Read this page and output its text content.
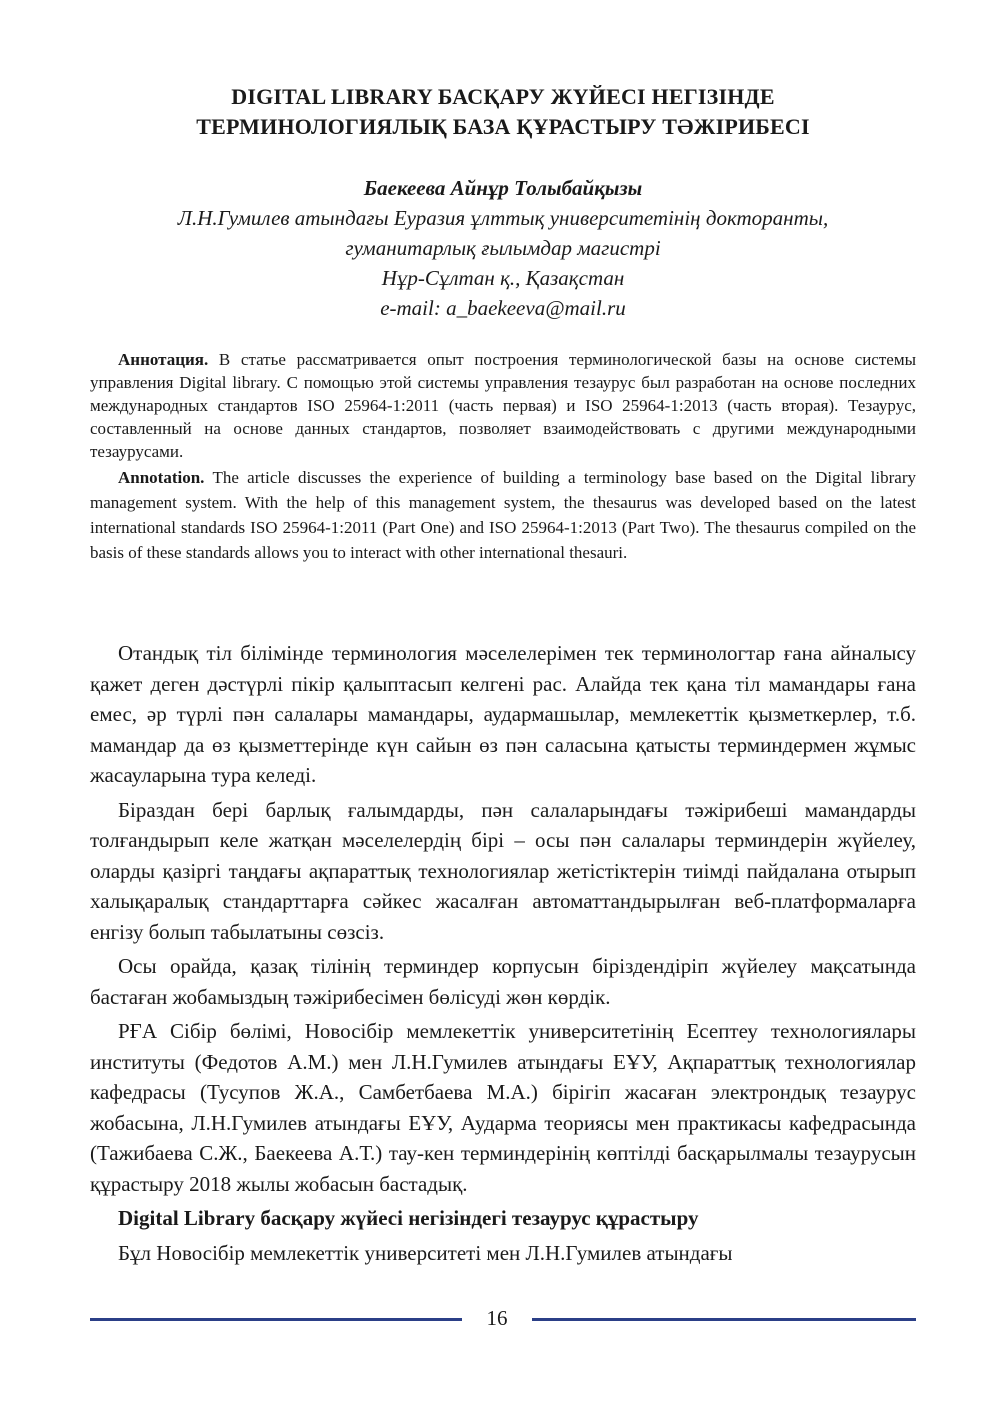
DIGITAL LIBRARY БАСҚАРУ ЖҮЙЕСІ НЕГІЗІНДЕ
ТЕРМИНОЛОГИЯЛЫҚ БАЗА ҚҰРАСТЫРУ ТӘЖІРИБЕСІ
Баекеева Айнұр Толыбайқызы
Л.Н.Гумилев атындағы Еуразия ұлттық университетінің докторанты,
гуманитарлық ғылымдар магистрі
Нұр-Сұлтан қ., Қазақстан
e-mail: a_baekeeva@mail.ru

Аннотация. В статье рассматривается опыт построения терминологической базы на основе системы управления Digital library. С помощью этой системы управления тезаурус был разработан на основе последних международных стандартов ISO 25964-1:2011 (часть первая) и ISO 25964-1:2013 (часть вторая). Тезаурус, составленный на основе данных стандартов, позволяет взаимодействовать с другими международными тезаурусами.

Annotation. The article discusses the experience of building a terminology base based on the Digital library management system. With the help of this management system, the thesaurus was developed based on the latest international standards ISO 25964-1:2011 (Part One) and ISO 25964-1:2013 (Part Two). The thesaurus compiled on the basis of these standards allows you to interact with other international thesauri.

Отандық тіл білімінде терминология мәселелерімен тек терминологтар ғана айналысу қажет деген дәстүрлі пікір қалыптасып келгені рас. Алайда тек қана тіл мамандары ғана емес, әр түрлі пән салалары мамандары, аудармашылар, мемлекеттік қызметкерлер, т.б. мамандар да өз қызметтерінде күн сайын өз пән саласына қатысты терминдермен жұмыс жасауларына тура келеді.

Біраздан бері барлық ғалымдарды, пән салаларындағы тәжірибеші мамандарды толғандырып келе жатқан мәселелердің бірі – осы пән салалары терминдерін жүйелеу, оларды қазіргі таңдағы ақпараттық технологиялар жетістіктерін тиімді пайдалана отырып халықаралық стандарттарға сәйкес жасалған автоматтандырылған веб-платформаларға енгізу болып табылатыны сөзсіз.

Осы орайда, қазақ тілінің терминдер корпусын біріздендіріп жүйелеу мақсатында бастаған жобамыздың тәжірибесімен бөлісуді жөн көрдік.

РҒА Сібір бөлімі, Новосібір мемлекеттік университетінің Есептеу технологиялары институты (Федотов А.М.) мен Л.Н.Гумилев атындағы ЕҰУ, Ақпараттық технологиялар кафедрасы (Тусупов Ж.А., Самбетбаева М.А.) бірігіп жасаған электрондық тезаурус жобасына, Л.Н.Гумилев атындағы ЕҰУ, Аударма теориясы мен практикасы кафедрасында (Тажибаева С.Ж., Баекеева А.Т.) тау-кен терминдерінің көптілді басқарылмалы тезаурусын құрастыру 2018 жылы жобасын бастадық.

Digital Library басқару жүйесі негізіндегі тезаурус құрастыру

Бұл Новосібір мемлекеттік университеті мен Л.Н.Гумилев атындағы

16
